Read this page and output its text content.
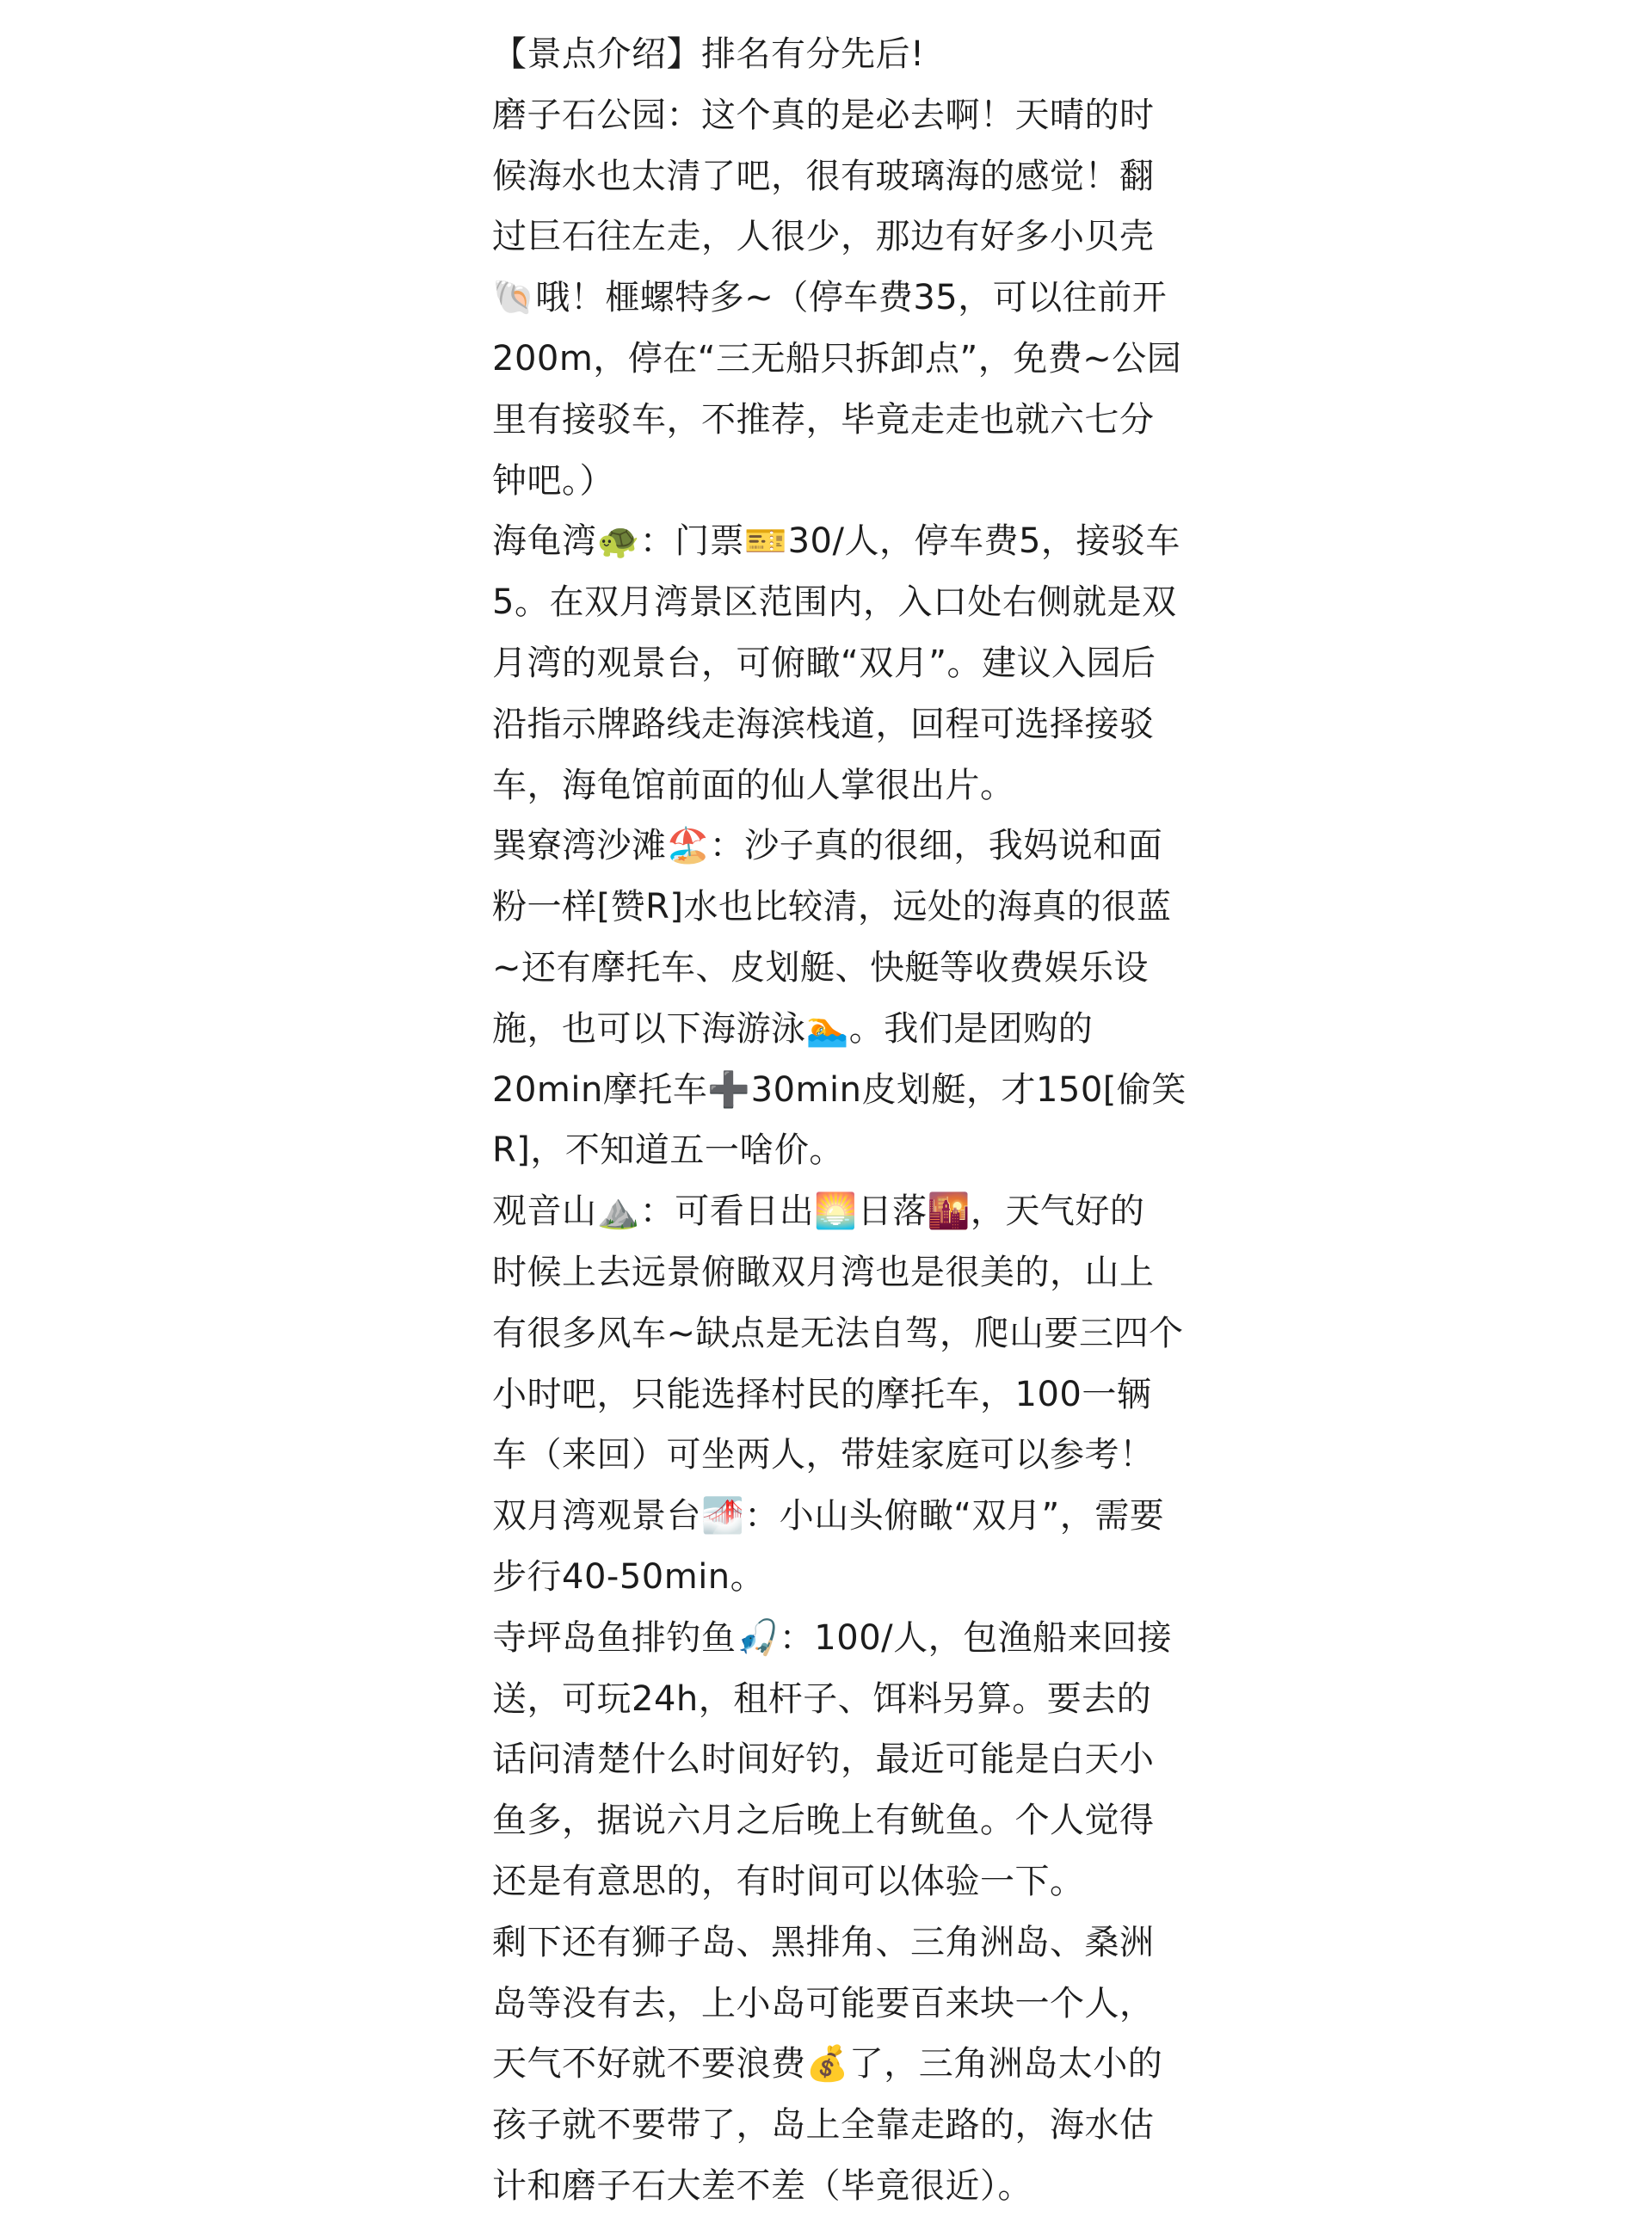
【景点介绍】排名有分先后!
磨子石公园：这个真的是必去啊！天晴的时
候海水也太清了吧，很有玻璃海的感觉！翻
过巨石往左走，人很少，那边有好多小贝壳
🐚哦！榧螺特多~（停车费35，可以往前开
200m，停在“三无船只拆卸点”，免费~公园
里有接驳车，不推荐，毕竟走走也就六七分
钟吧。）
海龟湾🐢：门票🎫30/人，停车费5，接驳车
5。在双月湾景区范围内，入口处右侧就是双
月湾的观景台，可俯瞰“双月”。建议入园后
沿指示牌路线走海滨栈道，回程可选择接驳
车，海龟馆前面的仙人掌很出片。
巽寮湾沙滩🏖️：沙子真的很细，我妈说和面
粉一样[赞R]水也比较清，远处的海真的很蓝
~还有摩托车、皮划艇、快艇等收费娱乐设
施，也可以下海游泳🏊。我们是团购的
20min摩托车➕30min皮划艇，才150[偷笑
R]，不知道五一啥价。
观音山⛰️：可看日出🌅日落🌇，天气好的
时候上去远景俯瞰双月湾也是很美的，山上
有很多风车~缺点是无法自驾，爬山要三四个
小时吧，只能选择村民的摩托车，100一辆
车（来回）可坐两人，带娃家庭可以参考！
双月湾观景台🌁：小山头俯瞰“双月”，需要
步行40-50min。
寺坪岛鱼排钓鱼🎣：100/人，包渔船来回接
送，可玩24h，租杆子、饵料另算。要去的
话问清楚什么时间好钓，最近可能是白天小
鱼多，据说六月之后晚上有鱿鱼。个人觉得
还是有意思的，有时间可以体验一下。
剩下还有狮子岛、黑排角、三角洲岛、桑洲
岛等没有去，上小岛可能要百来块一个人，
天气不好就不要浪费💰了，三角洲岛太小的
孩子就不要带了，岛上全靠走路的，海水估
计和磨子石大差不差（毕竟很近）。
